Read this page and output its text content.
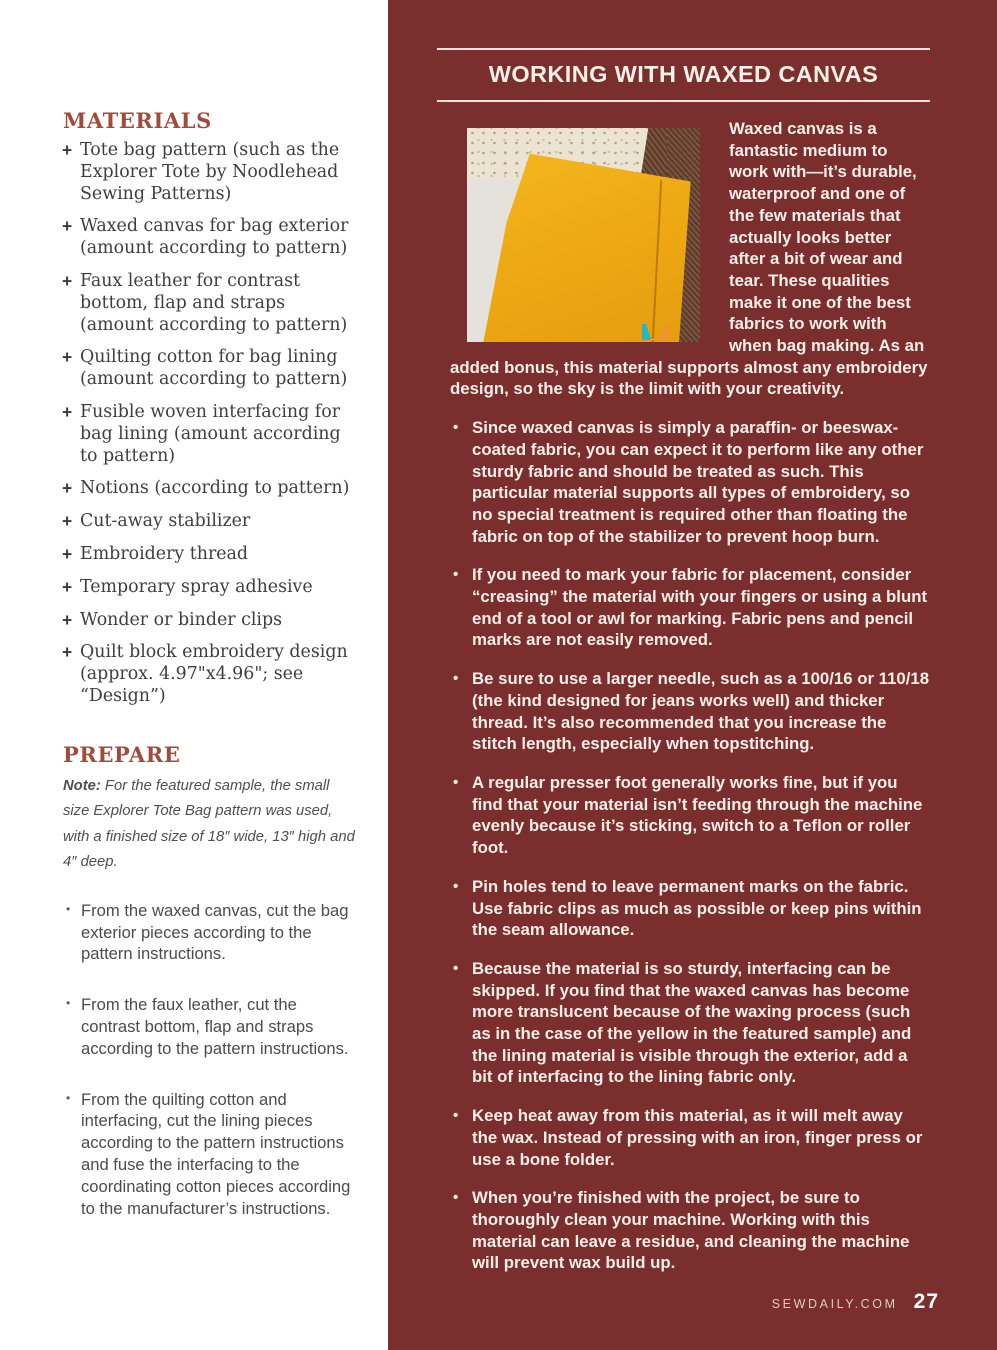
MATERIALS
+ Tote bag pattern (such as the Explorer Tote by Noodlehead Sewing Patterns)
+ Waxed canvas for bag exterior (amount according to pattern)
+ Faux leather for contrast bottom, flap and straps (amount according to pattern)
+ Quilting cotton for bag lining (amount according to pattern)
+ Fusible woven interfacing for bag lining (amount according to pattern)
+ Notions (according to pattern)
+ Cut-away stabilizer
+ Embroidery thread
+ Temporary spray adhesive
+ Wonder or binder clips
+ Quilt block embroidery design (approx. 4.97"x4.96"; see “Design”)
PREPARE

Note: For the featured sample, the small size Explorer Tote Bag pattern was used, with a finished size of 18″ wide, 13″ high and 4″ deep.

• From the waxed canvas, cut the bag exterior pieces according to the pattern instructions.
• From the faux leather, cut the contrast bottom, flap and straps according to the pattern instructions.
• From the quilting cotton and interfacing, cut the lining pieces according to the pattern instructions and fuse the interfacing to the coordinating cotton pieces according to the manufacturer’s instructions.
WORKING WITH WAXED CANVAS

Waxed canvas is a fantastic medium to work with—it’s durable, waterproof and one of the few materials that actually looks better after a bit of wear and tear. These qualities make it one of the best fabrics to work with when bag making. As an added bonus, this material supports almost any embroidery design, so the sky is the limit with your creativity.

• Since waxed canvas is simply a paraffin- or beeswax-coated fabric, you can expect it to perform like any other sturdy fabric and should be treated as such. This particular material supports all types of embroidery, so no special treatment is required other than floating the fabric on top of the stabilizer to prevent hoop burn.
• If you need to mark your fabric for placement, consider “creasing” the material with your fingers or using a blunt end of a tool or awl for marking. Fabric pens and pencil marks are not easily removed.
• Be sure to use a larger needle, such as a 100/16 or 110/18 (the kind designed for jeans works well) and thicker thread. It’s also recommended that you increase the stitch length, especially when topstitching.
• A regular presser foot generally works fine, but if you find that your material isn’t feeding through the machine evenly because it’s sticking, switch to a Teflon or roller foot.
• Pin holes tend to leave permanent marks on the fabric. Use fabric clips as much as possible or keep pins within the seam allowance.
• Because the material is so sturdy, interfacing can be skipped. If you find that the waxed canvas has become more translucent because of the waxing process (such as in the case of the yellow in the featured sample) and the lining material is visible through the exterior, add a bit of interfacing to the lining fabric only.
• Keep heat away from this material, as it will melt away the wax. Instead of pressing with an iron, finger press or use a bone folder.
• When you’re finished with the project, be sure to thoroughly clean your machine. Working with this material can leave a residue, and cleaning the machine will prevent wax build up.
SEWDAILY.COM 27
